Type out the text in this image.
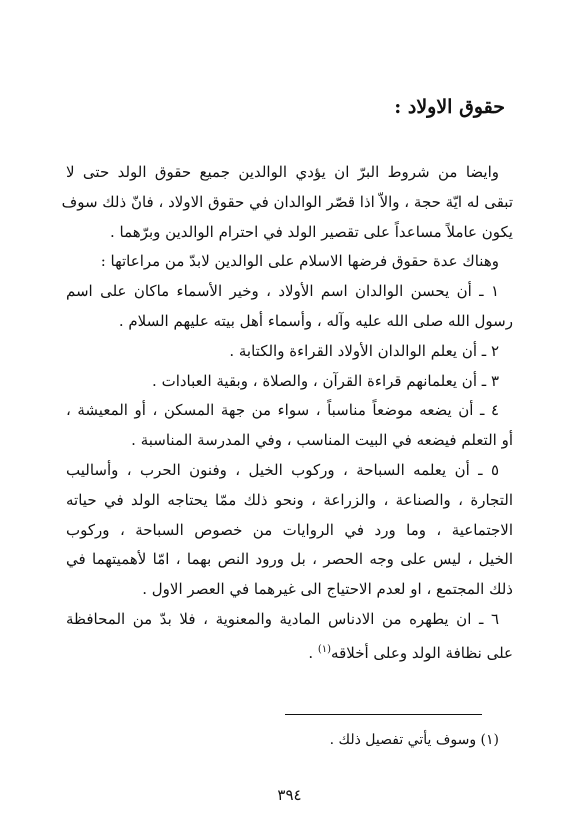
حقوق الاولاد :
وايضا من شروط البرّ ان يؤدي الوالدين جميع حقوق الولد حتى لا
تبقى له ايّة حجة ، والاّ اذا قصّر الوالدان في حقوق الاولاد ، فانّ ذلك سوف
يكون عاملاً مساعداً على تقصير الولد في احترام الوالدين وبرّهما .
وهناك عدة حقوق فرضها الاسلام على الوالدين لابدّ من مراعاتها :
١ ـ أن يحسن الوالدان اسم الأولاد ، وخير الأسماء ماكان على اسم
رسول الله صلى الله عليه وآله ، وأسماء أهل بيته عليهم السلام .
٢ ـ أن يعلم الوالدان الأولاد القراءة والكتابة .
٣ ـ أن يعلمانهم قراءة القرآن ، والصلاة ، وبقية العبادات .
٤ ـ أن يضعه موضعاً مناسباً ، سواء من جهة المسكن ، أو المعيشة ،
أو التعلم فيضعه في البيت المناسب ، وفي المدرسة المناسبة .
٥ ـ أن يعلمه السباحة ، وركوب الخيل ، وفنون الحرب ، وأساليب
التجارة ، والصناعة ، والزراعة ، ونحو ذلك ممّا يحتاجه الولد في حياته
الاجتماعية ، وما ورد في الروايات من خصوص السباحة ، وركوب
الخيل ، ليس على وجه الحصر ، بل ورود النص بهما ، امّا لأهميتهما في
ذلك المجتمع ، او لعدم الاحتياج الى غيرهما في العصر الاول .
٦ ـ ان يطهره من الادناس المادية والمعنوية ، فلا بدّ من المحافظة
على نظافة الولد وعلى أخلاقه$^{(١)}$ .
(١) وسوف يأتي تفصيل ذلك .
٣٩٤
